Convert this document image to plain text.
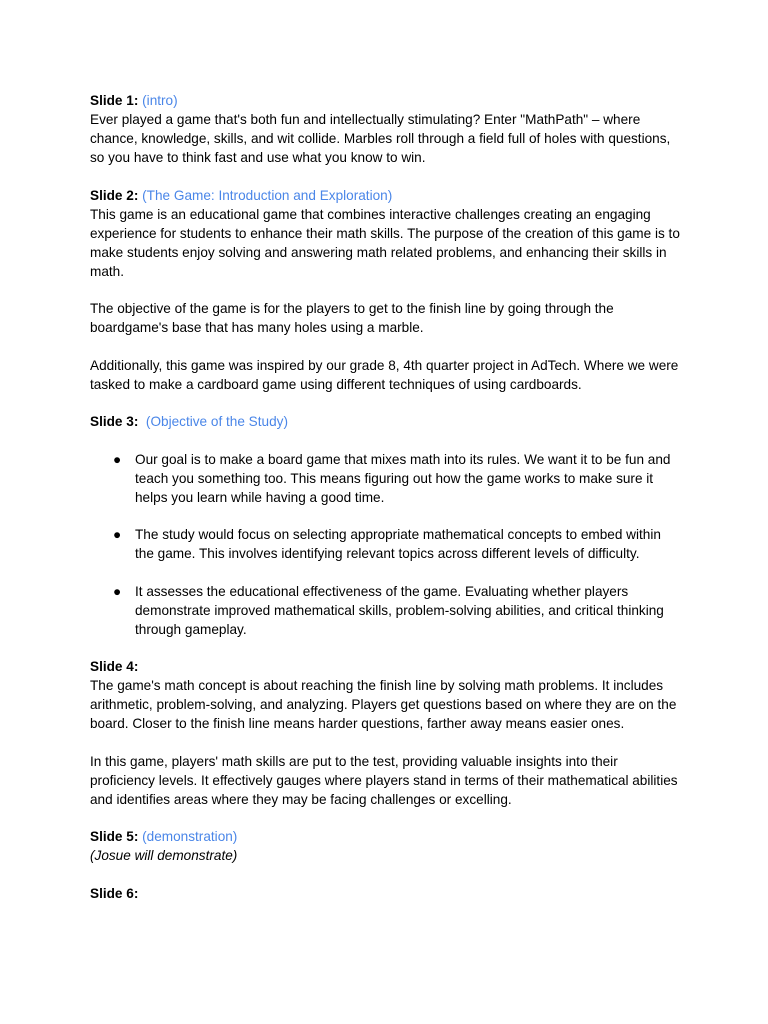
Slide 1: (intro)

Ever played a game that's both fun and intellectually stimulating? Enter "MathPath" – where chance, knowledge, skills, and wit collide. Marbles roll through a field full of holes with questions, so you have to think fast and use what you know to win.

Slide 2: (The Game: Introduction and Exploration)

This game is an educational game that combines interactive challenges creating an engaging experience for students to enhance their math skills. The purpose of the creation of this game is to make students enjoy solving and answering math related problems, and enhancing their skills in math.

The objective of the game is for the players to get to the finish line by going through the boardgame's base that has many holes using a marble.

Additionally, this game was inspired by our grade 8, 4th quarter project in AdTech. Where we were tasked to make a cardboard game using different techniques of using cardboards.

Slide 3: (Objective of the Study)
● Our goal is to make a board game that mixes math into its rules. We want it to be fun and teach you something too. This means figuring out how the game works to make sure it helps you learn while having a good time.
● The study would focus on selecting appropriate mathematical concepts to embed within the game. This involves identifying relevant topics across different levels of difficulty.
● It assesses the educational effectiveness of the game. Evaluating whether players demonstrate improved mathematical skills, problem-solving abilities, and critical thinking through gameplay.
Slide 4:

The game's math concept is about reaching the finish line by solving math problems. It includes arithmetic, problem-solving, and analyzing. Players get questions based on where they are on the board. Closer to the finish line means harder questions, farther away means easier ones.

In this game, players' math skills are put to the test, providing valuable insights into their proficiency levels. It effectively gauges where players stand in terms of their mathematical abilities and identifies areas where they may be facing challenges or excelling.

Slide 5: (demonstration)

(Josue will demonstrate)

Slide 6:
